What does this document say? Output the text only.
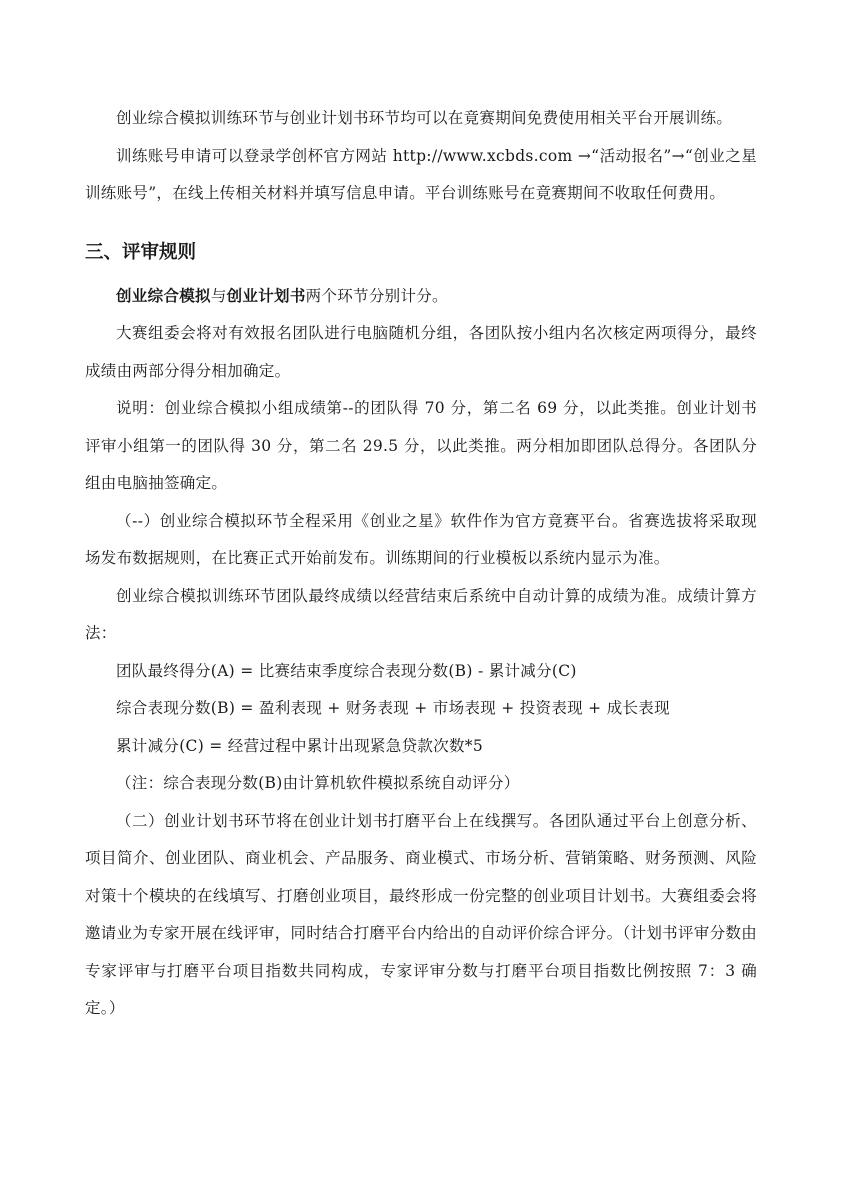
创业综合模拟训练环节与创业计划书环节均可以在竟赛期间免费使用相关平台开展训练。

训练账号申请可以登录学创杯官方网站 http://www.xcbds.com →“活动报名”→“创业之星训练账号”，在线上传相关材料并填写信息申请。平台训练账号在竟赛期间不收取任何费用。

三、评审规则

创业综合模拟与创业计划书两个环节分别计分。

大赛组委会将对有效报名团队进行电脑随机分组，各团队按小组内名次核定两项得分，最终成绩由两部分得分相加确定。

说明：创业综合模拟小组成绩第--的团队得 70 分，第二名 69 分，以此类推。创业计划书评审小组第一的团队得 30 分，第二名 29.5 分，以此类推。两分相加即团队总得分。各团队分组由电脑抽签确定。

（--）创业综合模拟环节全程采用《创业之星》软件作为官方竟赛平台。省赛选拔将采取现场发布数据规则，在比赛正式开始前发布。训练期间的行业模板以系统内显示为准。

创业综合模拟训练环节团队最终成绩以经营结束后系统中自动计算的成绩为准。成绩计算方法：

团队最终得分(A) = 比赛结束季度综合表现分数(B) - 累计减分(C)

综合表现分数(B) = 盈利表现 + 财务表现 + 市场表现 + 投资表现 + 成长表现

累计减分(C) = 经营过程中累计出现紧急贷款次数*5

（注：综合表现分数(B)由计算机软件模拟系统自动评分）

（二）创业计划书环节将在创业计划书打磨平台上在线撰写。各团队通过平台上创意分析、项目简介、创业团队、商业机会、产品服务、商业模式、市场分析、营销策略、财务预测、风险对策十个模块的在线填写、打磨创业项目，最终形成一份完整的创业项目计划书。大赛组委会将邀请业为专家开展在线评审，同时结合打磨平台内给出的自动评价综合评分。（计划书评审分数由专家评审与打磨平台项目指数共同构成，专家评审分数与打磨平台项目指数比例按照 7：3 确定。）
